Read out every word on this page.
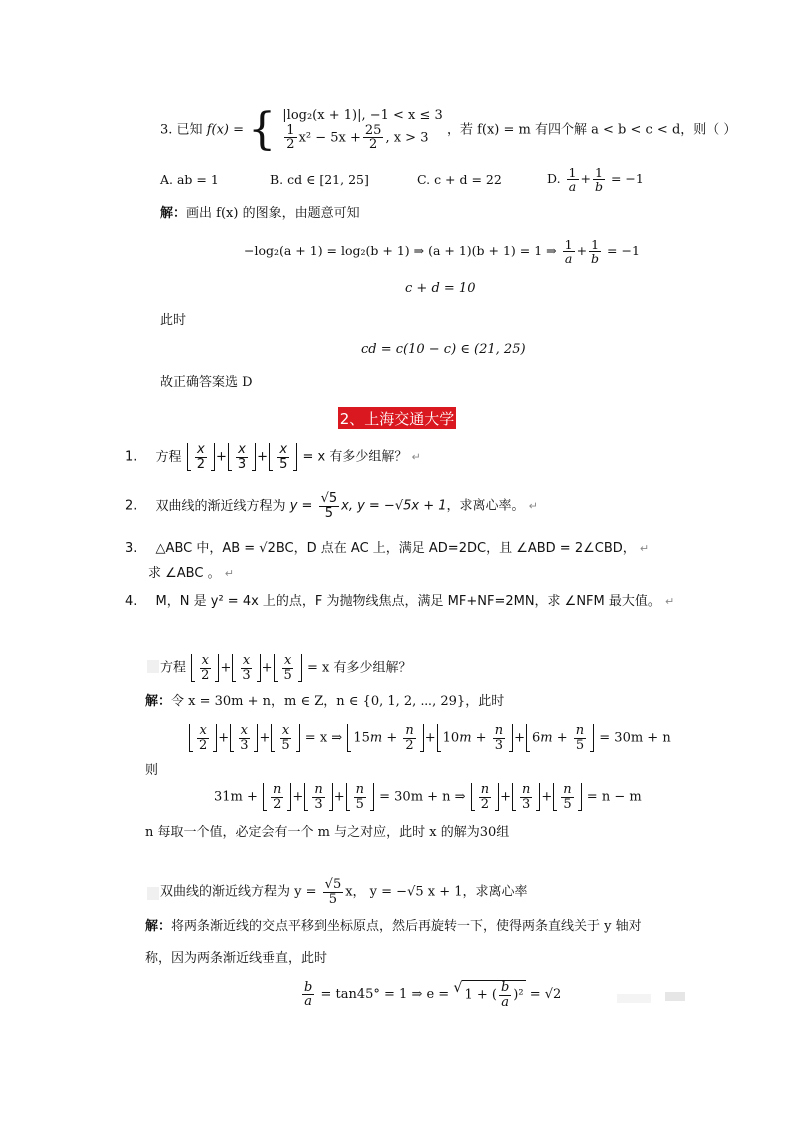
3. 已知 f(x) = { |log₂(x + 1)|, −1 < x ≤ 3
$\frac{1}{2} x^2 - 5x + \frac{25}{2}$ , x > 3
，若 f(x) = m 有四个解 a < b < c < d，则（ ）
A. ab = 1	B. cd ∈ [21, 25]	C. c + d = 22	D. $\frac{1}{a} + \frac{1}{b} = -1$
解：画出 f(x) 的图象，由题意可知
−log₂(a + 1) = log₂(b + 1) ⇒ (a + 1)(b + 1) = 1 ⇒ $\frac{1}{a} + \frac{1}{b} = -1$
c + d = 10
此时
cd = c(10 − c) ∈ (21, 25)
故正确答案选 D
2、上海交通大学
1. 方程 $\frac{x}{2} + \frac{x}{3} + \frac{x}{5} = x$ 有多少组解？ ↵
2. 双曲线的渐近线方程为 $y = \frac{√5}{5} x$, y = −√5x + 1，求离心率。 ↵
3. △ABC 中，AB = √2BC，D 点在 AC 上，满足 AD=2DC，且 ∠ABD = 2∠CBD， ↵
求 ∠ABC 。 ↵
4. M，N 是 y² = 4x 上的点，F 为抛物线焦点，满足 MF+NF=2MN，求 ∠NFM 最大值。 ↵
方程 $\frac{x}{2} + \frac{x}{3} + \frac{x}{5} = x$ 有多少组解？
解：令 x = 30m + n，m ∈ Z，n ∈ {0, 1, 2, ⋯, 29}，此时
$\frac{x}{2} + \frac{x}{3} + \frac{x}{5} = x$ ⇒ $15m + \frac{n}{2} + 10m + \frac{n}{3} + 6m + \frac{n}{5} = 30m + n$
则
$31m + \frac{n}{2} + \frac{n}{3} + \frac{n}{5} = 30m + n$ ⇒ $\frac{n}{2} + \frac{n}{3} + \frac{n}{5} = n - m$
n 每取一个值，必定会有一个 m 与之对应，此时 x 的解为30组
双曲线的渐近线方程为 $y = \frac{√5}{5}$ x， y = −√5 x + 1，求离心率
解：将两条渐近线的交点平移到坐标原点，然后再旋转一下，使得两条直线关于 y 轴对
称，因为两条渐近线垂直，此时
$\frac{b}{a} = \tan 45^\circ = 1$ ⇒ e = √ 1 + ( $\frac{b}{a} )^2 = √2$
